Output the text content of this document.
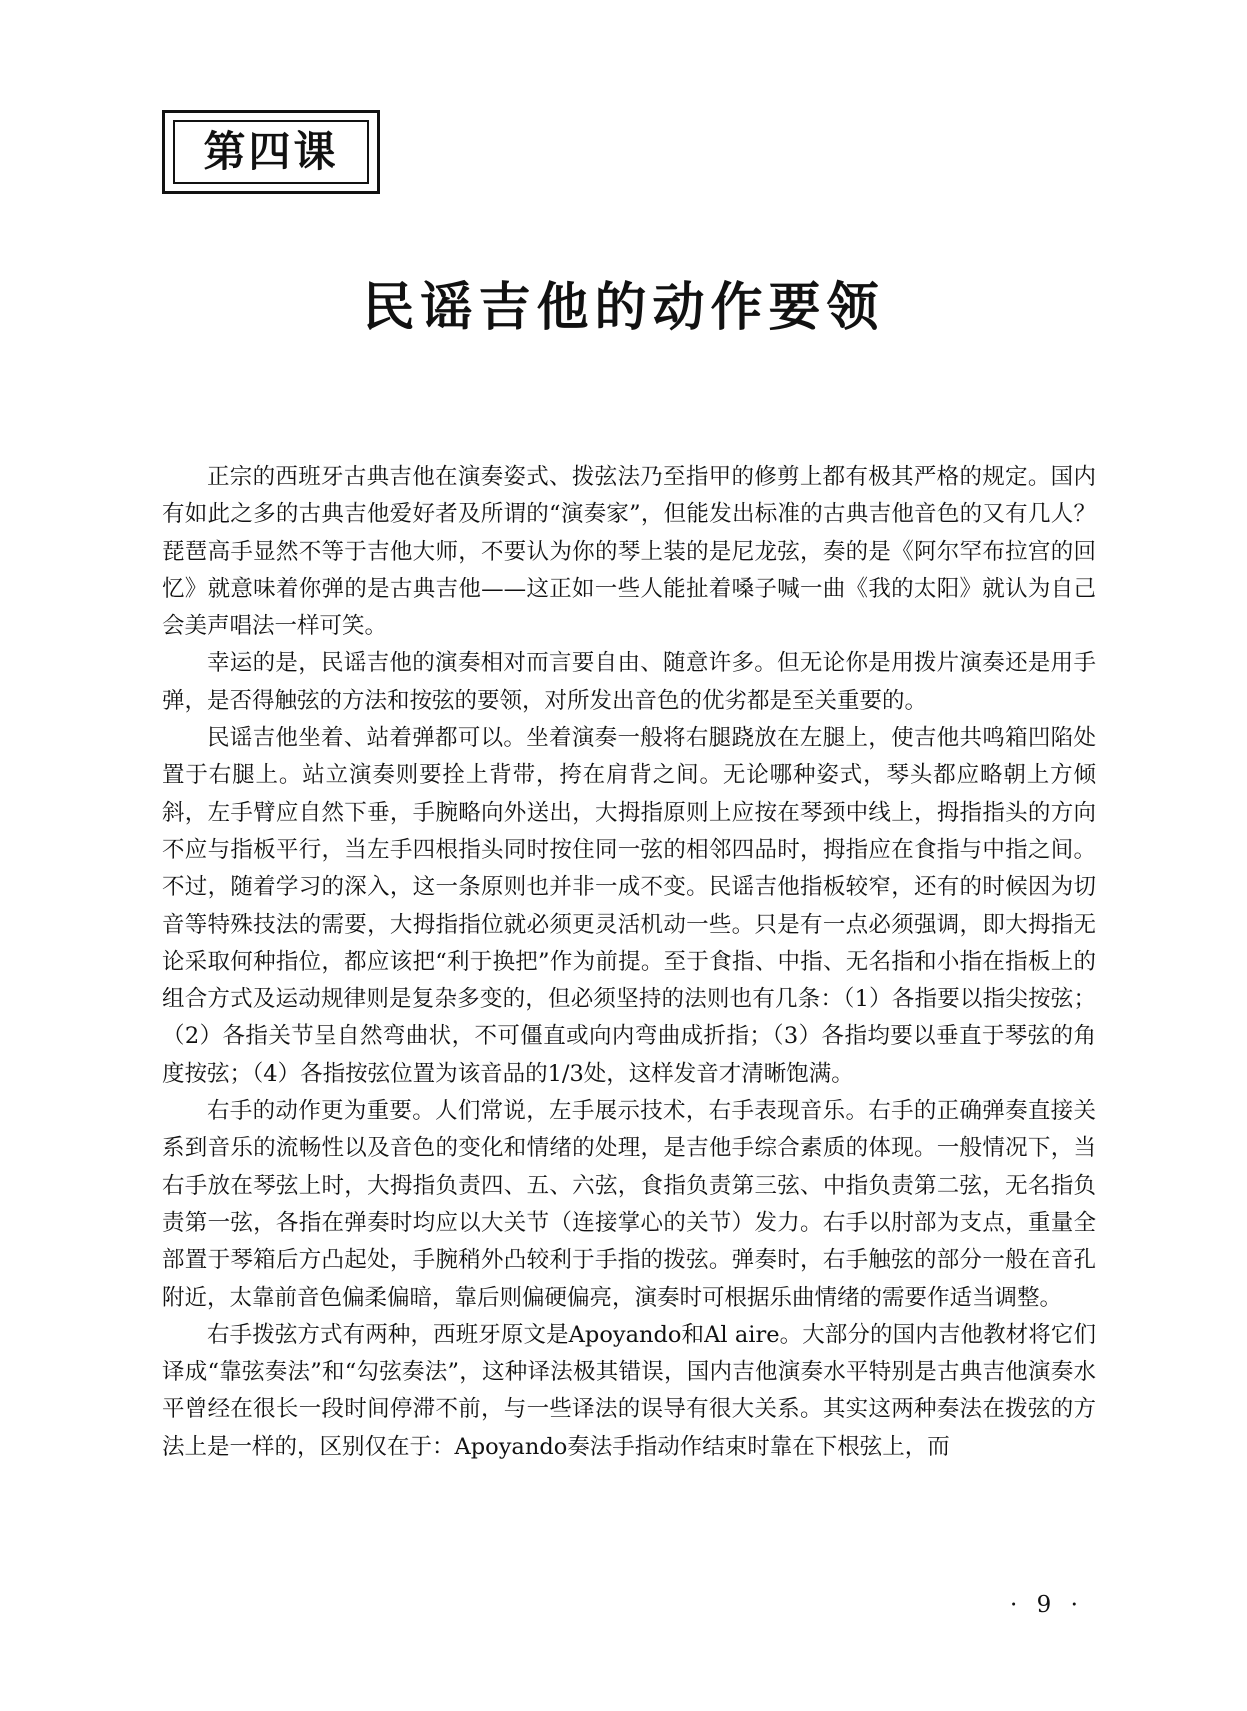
第四课
民谣吉他的动作要领

正宗的西班牙古典吉他在演奏姿式、拨弦法乃至指甲的修剪上都有极其严格的规定。国内有如此之多的古典吉他爱好者及所谓的“演奏家”，但能发出标准的古典吉他音色的又有几人？琵琶高手显然不等于吉他大师，不要认为你的琴上装的是尼龙弦，奏的是《阿尔罕布拉宫的回忆》就意味着你弹的是古典吉他——这正如一些人能扯着嗓子喊一曲《我的太阳》就认为自己会美声唱法一样可笑。

幸运的是，民谣吉他的演奏相对而言要自由、随意许多。但无论你是用拨片演奏还是用手弹，是否得触弦的方法和按弦的要领，对所发出音色的优劣都是至关重要的。

民谣吉他坐着、站着弹都可以。坐着演奏一般将右腿跷放在左腿上，使吉他共鸣箱凹陷处置于右腿上。站立演奏则要拴上背带，挎在肩背之间。无论哪种姿式，琴头都应略朝上方倾斜，左手臂应自然下垂，手腕略向外送出，大拇指原则上应按在琴颈中线上，拇指指头的方向不应与指板平行，当左手四根指头同时按住同一弦的相邻四品时，拇指应在食指与中指之间。不过，随着学习的深入，这一条原则也并非一成不变。民谣吉他指板较窄，还有的时候因为切音等特殊技法的需要，大拇指指位就必须更灵活机动一些。只是有一点必须强调，即大拇指无论采取何种指位，都应该把“利于换把”作为前提。至于食指、中指、无名指和小指在指板上的组合方式及运动规律则是复杂多变的，但必须坚持的法则也有几条：（1）各指要以指尖按弦；（2）各指关节呈自然弯曲状，不可僵直或向内弯曲成折指；（3）各指均要以垂直于琴弦的角度按弦；（4）各指按弦位置为该音品的1/3处，这样发音才清晰饱满。

右手的动作更为重要。人们常说，左手展示技术，右手表现音乐。右手的正确弹奏直接关系到音乐的流畅性以及音色的变化和情绪的处理，是吉他手综合素质的体现。一般情况下，当右手放在琴弦上时，大拇指负责四、五、六弦，食指负责第三弦、中指负责第二弦，无名指负责第一弦，各指在弹奏时均应以大关节（连接掌心的关节）发力。右手以肘部为支点，重量全部置于琴箱后方凸起处，手腕稍外凸较利于手指的拨弦。弹奏时，右手触弦的部分一般在音孔附近，太靠前音色偏柔偏暗，靠后则偏硬偏亮，演奏时可根据乐曲情绪的需要作适当调整。

右手拨弦方式有两种，西班牙原文是Apoyando和Al aire。大部分的国内吉他教材将它们译成“靠弦奏法”和“勾弦奏法”，这种译法极其错误，国内吉他演奏水平特别是古典吉他演奏水平曾经在很长一段时间停滞不前，与一些译法的误导有很大关系。其实这两种奏法在拨弦的方法上是一样的，区别仅在于：Apoyando奏法手指动作结束时靠在下根弦上，而

· 9 ·
